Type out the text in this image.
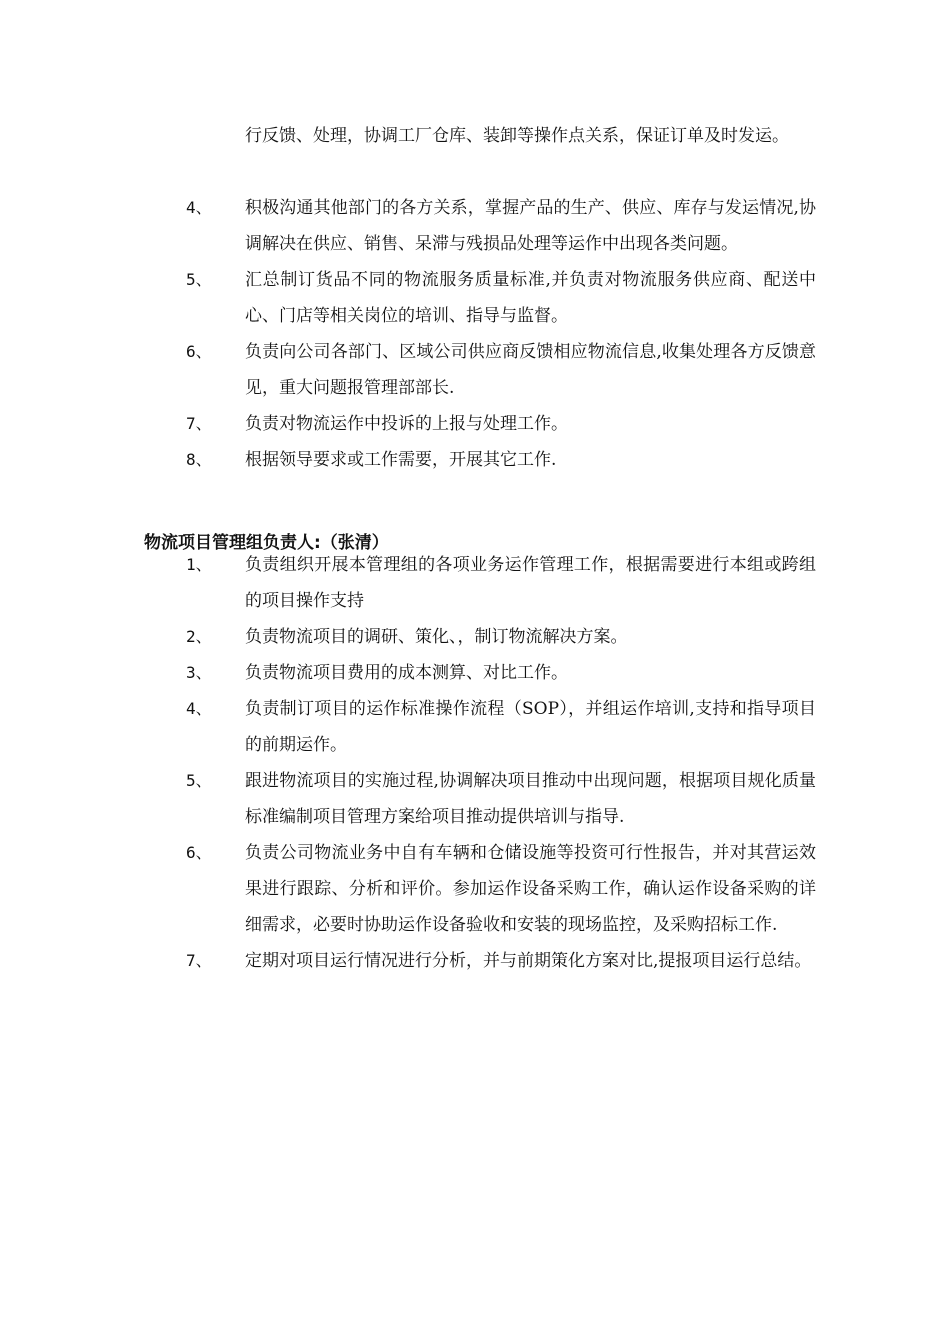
行反馈、处理，协调工厂仓库、装卸等操作点关系，保证订单及时发运。
4、	积极沟通其他部门的各方关系，掌握产品的生产、供应、库存与发运情况,协调解决在供应、销售、呆滞与残损品处理等运作中出现各类问题。
5、	汇总制订货品不同的物流服务质量标准,并负责对物流服务供应商、配送中心、门店等相关岗位的培训、指导与监督。
6、	负责向公司各部门、区域公司供应商反馈相应物流信息,收集处理各方反馈意见，重大问题报管理部部长.
7、	负责对物流运作中投诉的上报与处理工作。
8、	根据领导要求或工作需要，开展其它工作.
物流项目管理组负责人:（张清）
1、	负责组织开展本管理组的各项业务运作管理工作，根据需要进行本组或跨组的项目操作支持
2、	负责物流项目的调研、策化、，制订物流解决方案。
3、	负责物流项目费用的成本测算、对比工作。
4、	负责制订项目的运作标准操作流程（SOP），并组运作培训,支持和指导项目的前期运作。
5、	跟进物流项目的实施过程,协调解决项目推动中出现问题，根据项目规化质量标准编制项目管理方案给项目推动提供培训与指导.
6、	负责公司物流业务中自有车辆和仓储设施等投资可行性报告，并对其营运效果进行跟踪、分析和评价。参加运作设备采购工作，确认运作设备采购的详细需求，必要时协助运作设备验收和安装的现场监控，及采购招标工作.
7、	定期对项目运行情况进行分析，并与前期策化方案对比,提报项目运行总结。
